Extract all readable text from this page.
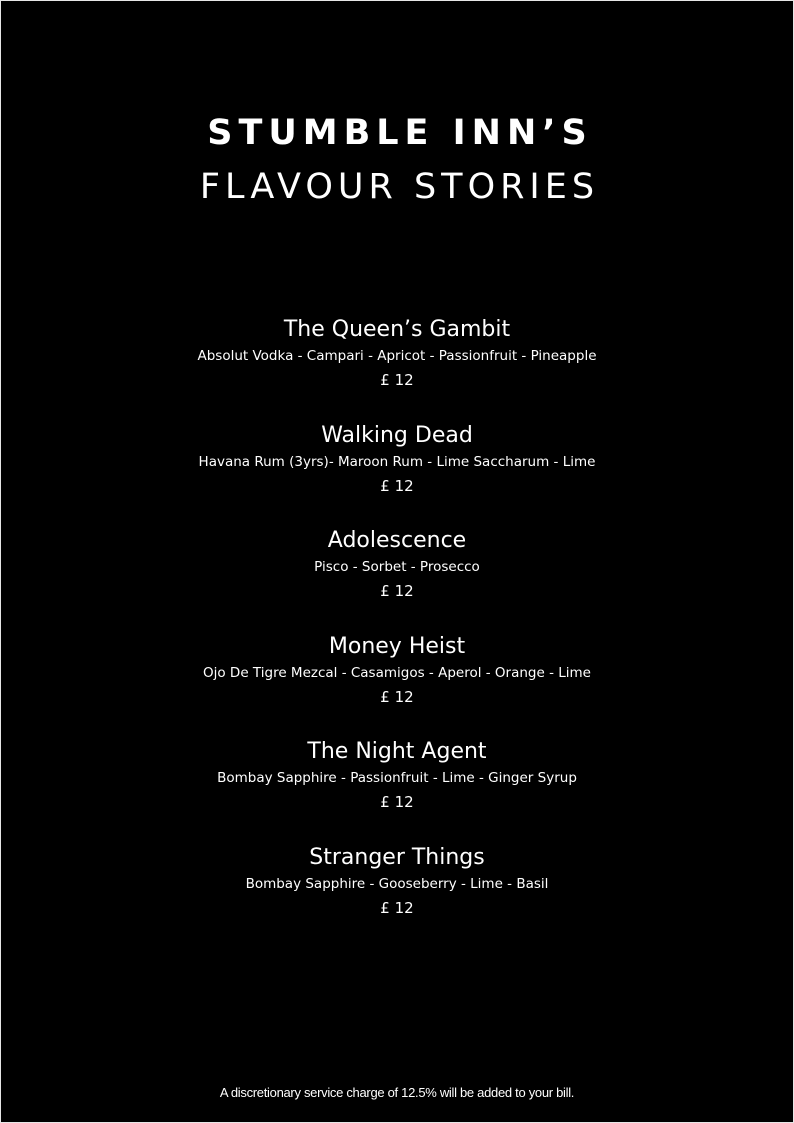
STUMBLE INN’S
FLAVOUR STORIES
The Queen’s Gambit
Absolut Vodka - Campari - Apricot - Passionfruit - Pineapple
£ 12
Walking Dead
Havana Rum (3yrs)- Maroon Rum - Lime Saccharum - Lime
£ 12
Adolescence
Pisco - Sorbet - Prosecco
£ 12
Money Heist
Ojo De Tigre Mezcal - Casamigos - Aperol - Orange - Lime
£ 12
The Night Agent
Bombay Sapphire - Passionfruit - Lime - Ginger Syrup
£ 12
Stranger Things
Bombay Sapphire - Gooseberry - Lime - Basil
£ 12
A discretionary service charge of 12.5% will be added to your bill.
